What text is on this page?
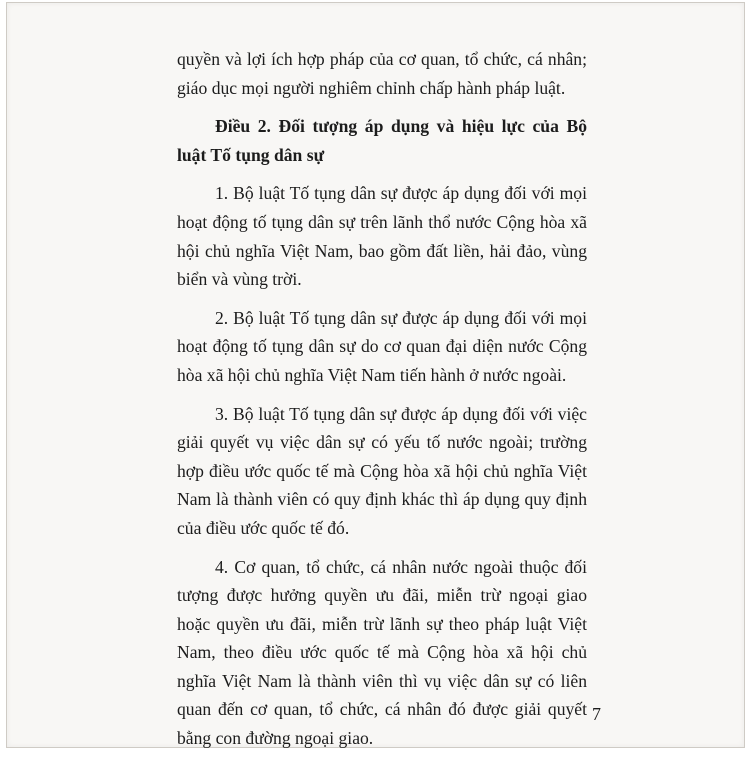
quyền và lợi ích hợp pháp của cơ quan, tổ chức, cá nhân; giáo dục mọi người nghiêm chỉnh chấp hành pháp luật.

Điều 2. Đối tượng áp dụng và hiệu lực của Bộ luật Tố tụng dân sự

1. Bộ luật Tố tụng dân sự được áp dụng đối với mọi hoạt động tố tụng dân sự trên lãnh thổ nước Cộng hòa xã hội chủ nghĩa Việt Nam, bao gồm đất liền, hải đảo, vùng biển và vùng trời.

2. Bộ luật Tố tụng dân sự được áp dụng đối với mọi hoạt động tố tụng dân sự do cơ quan đại diện nước Cộng hòa xã hội chủ nghĩa Việt Nam tiến hành ở nước ngoài.

3. Bộ luật Tố tụng dân sự được áp dụng đối với việc giải quyết vụ việc dân sự có yếu tố nước ngoài; trường hợp điều ước quốc tế mà Cộng hòa xã hội chủ nghĩa Việt Nam là thành viên có quy định khác thì áp dụng quy định của điều ước quốc tế đó.

4. Cơ quan, tổ chức, cá nhân nước ngoài thuộc đối tượng được hưởng quyền ưu đãi, miễn trừ ngoại giao hoặc quyền ưu đãi, miễn trừ lãnh sự theo pháp luật Việt Nam, theo điều ước quốc tế mà Cộng hòa xã hội chủ nghĩa Việt Nam là thành viên thì vụ việc dân sự có liên quan đến cơ quan, tổ chức, cá nhân đó được giải quyết bằng con đường ngoại giao.

7
